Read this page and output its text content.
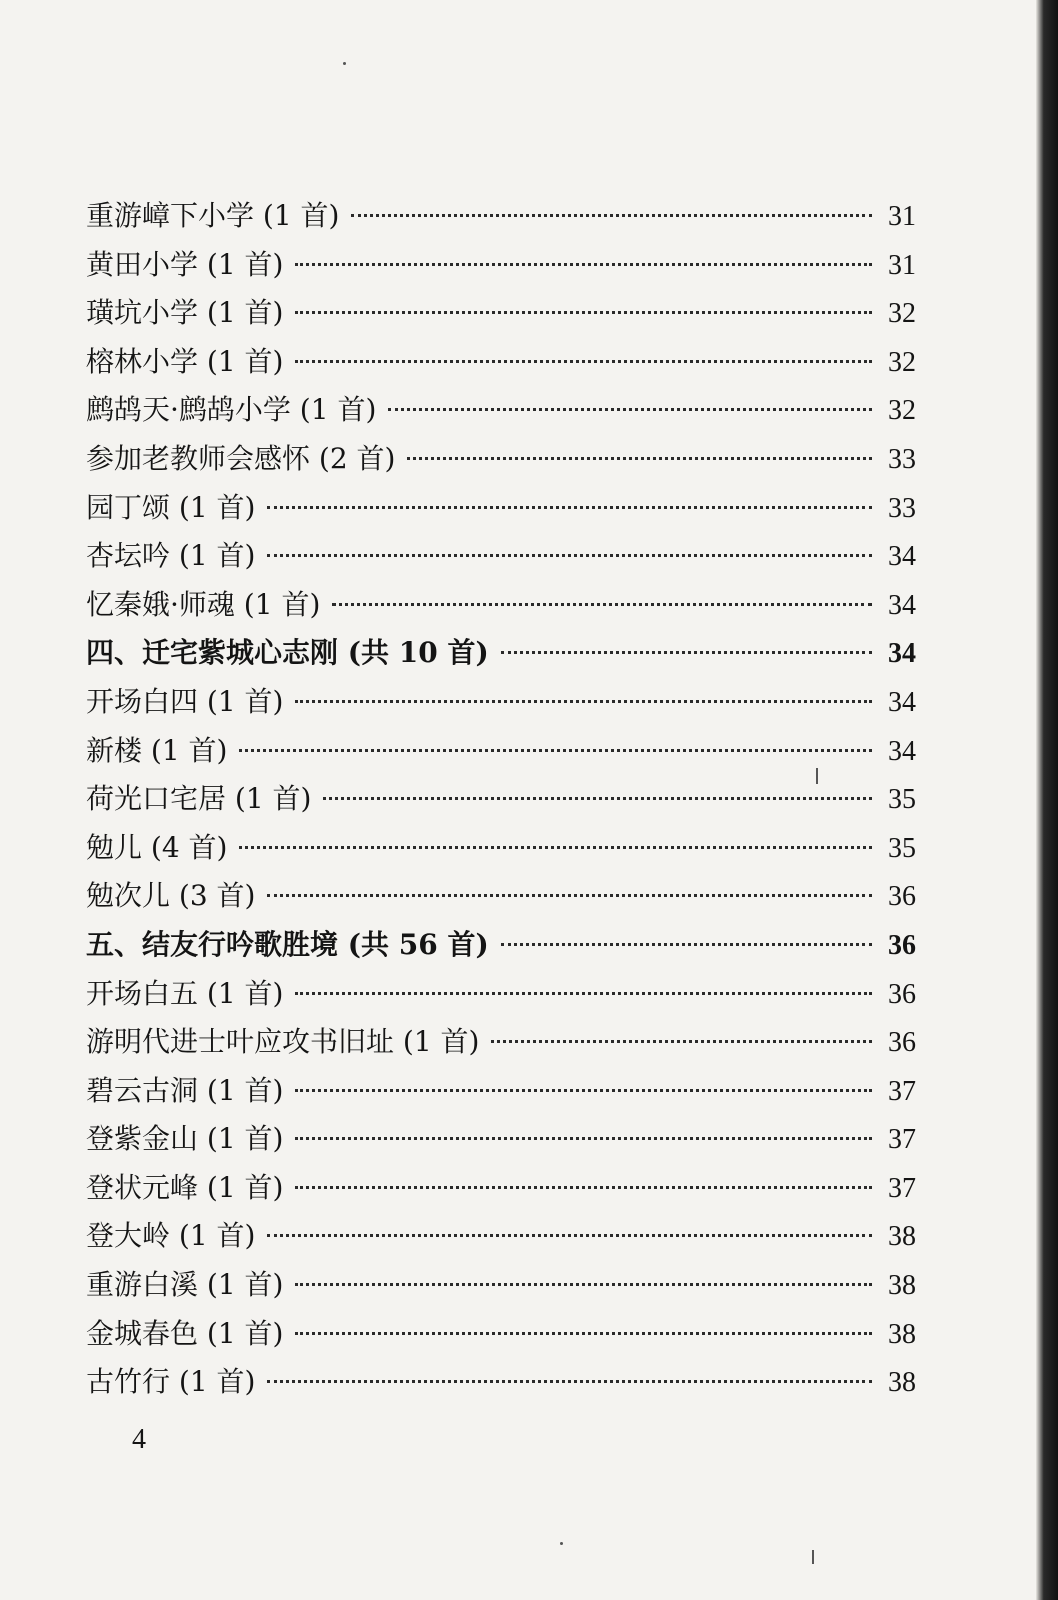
重游嶂下小学 (1 首)	31
黄田小学 (1 首)	31
璜坑小学 (1 首)	32
榕林小学 (1 首)	32
鹧鸪天·鹧鸪小学 (1 首)	32
参加老教师会感怀 (2 首)	33
园丁颂 (1 首)	33
杏坛吟 (1 首)	34
忆秦娥·师魂 (1 首)	34
四、迁宅紫城心志刚 (共 10 首)	34
开场白四 (1 首)	34
新楼 (1 首)	34
荷光口宅居 (1 首)	35
勉儿 (4 首)	35
勉次儿 (3 首)	36
五、结友行吟歌胜境 (共 56 首)	36
开场白五 (1 首)	36
游明代进士叶应攻书旧址 (1 首)	36
碧云古洞 (1 首)	37
登紫金山 (1 首)	37
登状元峰 (1 首)	37
登大岭 (1 首)	38
重游白溪 (1 首)	38
金城春色 (1 首)	38
古竹行 (1 首)	38
4
